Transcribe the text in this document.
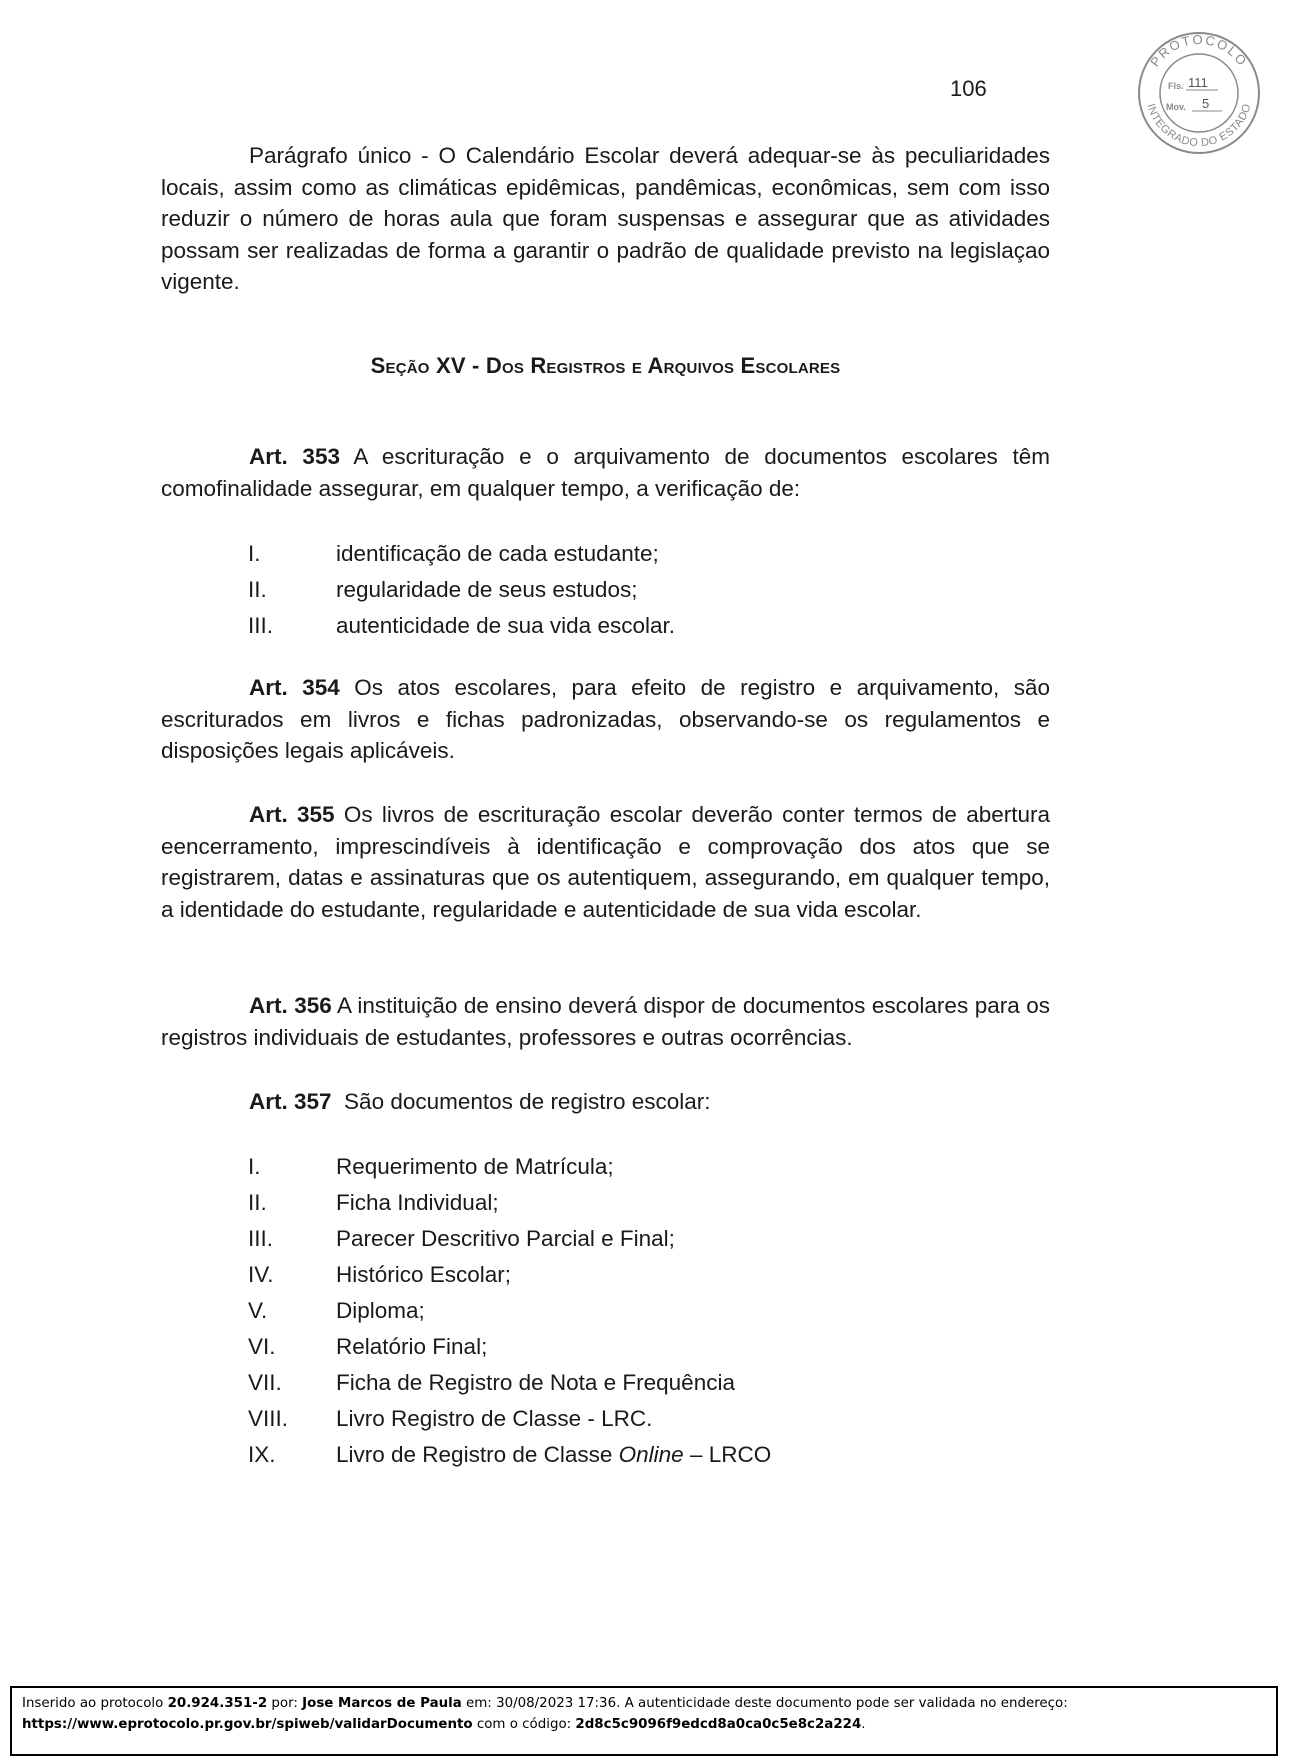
106
PROTOCOLO
INTEGRADO DO ESTADO
Fls. 111
Mov. 5
Parágrafo único - O Calendário Escolar deverá adequar-se às peculiaridades locais, assim como as climáticas epidêmicas, pandêmicas, econômicas, sem com isso reduzir o número de horas aula que foram suspensas e assegurar que as atividades possam ser realizadas de forma a garantir o padrão de qualidade previsto na legislaçao vigente.
Seção XV - Dos Registros e Arquivos Escolares
Art. 353 A escrituração e o arquivamento de documentos escolares têm comofinalidade assegurar, em qualquer tempo, a verificação de:
I.	identificação de cada estudante;
II.	regularidade de seus estudos;
III.	autenticidade de sua vida escolar.
Art. 354 Os atos escolares, para efeito de registro e arquivamento, são escriturados em livros e fichas padronizadas, observando-se os regulamentos e disposições legais aplicáveis.
Art. 355 Os livros de escrituração escolar deverão conter termos de abertura eencerramento, imprescindíveis à identificação e comprovação dos atos que se registrarem, datas e assinaturas que os autentiquem, assegurando, em qualquer tempo, a identidade do estudante, regularidade e autenticidade de sua vida escolar.
Art. 356 A instituição de ensino deverá dispor de documentos escolares para os registros individuais de estudantes, professores e outras ocorrências.
Art. 357  São documentos de registro escolar:
I.	Requerimento de Matrícula;
II.	Ficha Individual;
III.	Parecer Descritivo Parcial e Final;
IV.	Histórico Escolar;
V.	Diploma;
VI.	Relatório Final;
VII. Ficha de Registro de Nota e Frequência
VIII. Livro Registro de Classe - LRC.
IX.	Livro de Registro de Classe Online – LRCO
Inserido ao protocolo 20.924.351-2 por: Jose Marcos de Paula em: 30/08/2023 17:36. A autenticidade deste documento pode ser validada no endereço:
https://www.eprotocolo.pr.gov.br/spiweb/validarDocumento com o código: 2d8c5c9096f9edcd8a0ca0c5e8c2a224.
